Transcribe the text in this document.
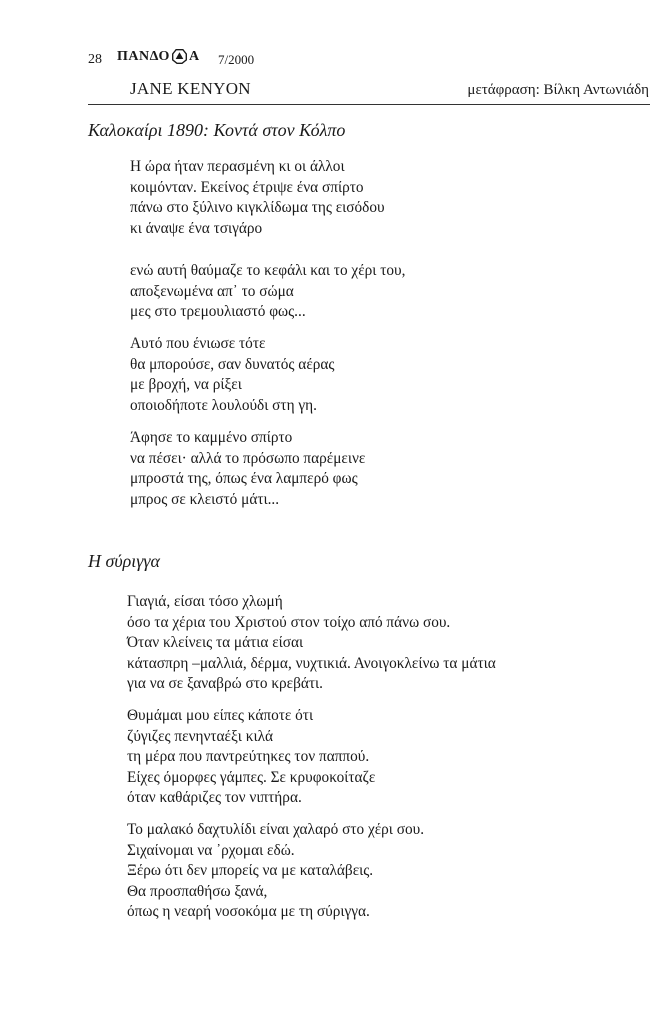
28 ΠΑΝΔΟ Α 7/2000
JANE KENYON	μετάφραση: Βίλκη Αντωνιάδη
Καλοκαίρι 1890: Κοντά στον Κόλπο
Η ώρα ήταν περασμένη κι οι άλλοι
κοιμόνταν. Εκείνος έτριψε ένα σπίρτο
πάνω στο ξύλινο κιγκλίδωμα της εισόδου
κι άναψε ένα τσιγάρο
ενώ αυτή θαύμαζε το κεφάλι και το χέρι του,
αποξενωμένα απ᾽ το σώμα
μες στο τρεμουλιαστό φως...
Αυτό που ένιωσε τότε
θα μπορούσε, σαν δυνατός αέρας
με βροχή, να ρίξει
οποιοδήποτε λουλούδι στη γη.
Άφησε το καμμένο σπίρτο
να πέσει· αλλά το πρόσωπο παρέμεινε
μπροστά της, όπως ένα λαμπερό φως
μπρος σε κλειστό μάτι...
Η σύριγγα
Γιαγιά, είσαι τόσο χλωμή
όσο τα χέρια του Χριστού στον τοίχο από πάνω σου.
Όταν κλείνεις τα μάτια είσαι
κάτασπρη –μαλλιά, δέρμα, νυχτικιά. Ανοιγοκλείνω τα μάτια
για να σε ξαναβρώ στο κρεβάτι.
Θυμάμαι μου είπες κάποτε ότι
ζύγιζες πενηνταέξι κιλά
τη μέρα που παντρεύτηκες τον παππού.
Είχες όμορφες γάμπες. Σε κρυφοκοίταζε
όταν καθάριζες τον νιπτήρα.
Το μαλακό δαχτυλίδι είναι χαλαρό στο χέρι σου.
Σιχαίνομαι να ᾽ρχομαι εδώ.
Ξέρω ότι δεν μπορείς να με καταλάβεις.
Θα προσπαθήσω ξανά,
όπως η νεαρή νοσοκόμα με τη σύριγγα.
